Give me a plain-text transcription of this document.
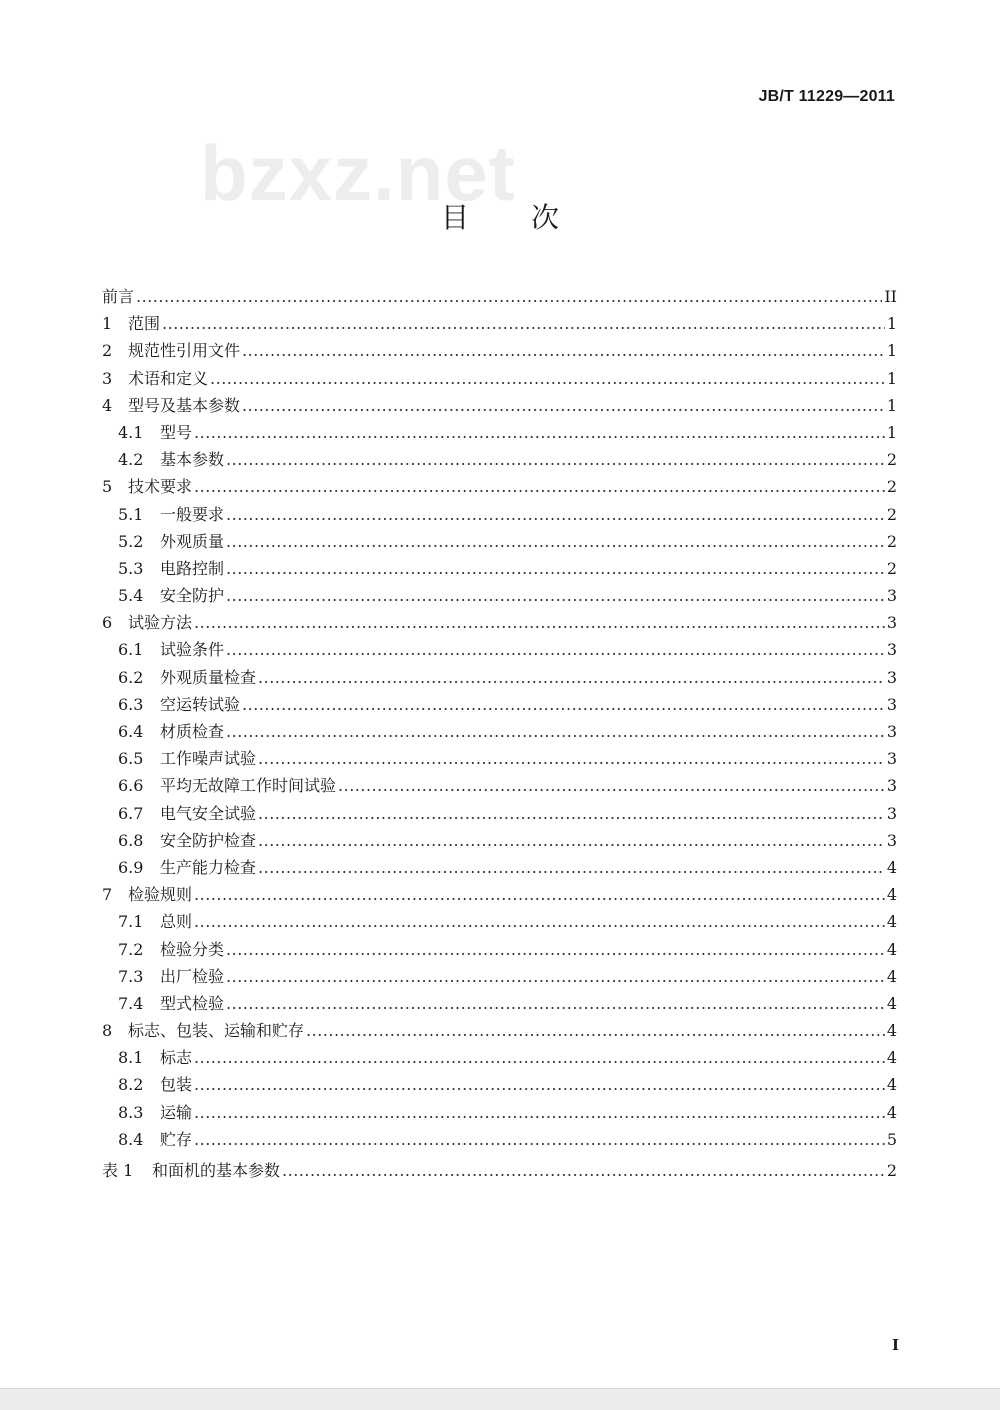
bzxz.net
JB/T 11229—2011
目次
前言 .....	II
1 范围 .....	1
2 规范性引用文件 .....	1
3 术语和定义 .....	1
4 型号及基本参数 .....	1
4.1	型号 .....	1
4.2	基本参数 .....	2
5 技术要求 .....	2
5.1	一般要求 .....	2
5.2	外观质量 .....	2
5.3	电路控制 .....	2
5.4	安全防护 .....	3
6 试验方法 .....	3
6.1	试验条件 .....	3
6.2	外观质量检查 .....	3
6.3	空运转试验 .....	3
6.4	材质检查 .....	3
6.5	工作噪声试验 .....	3
6.6	平均无故障工作时间试验 .....	3
6.7	电气安全试验 .....	3
6.8	安全防护检查 .....	3
6.9	生产能力检查 .....	4
7 检验规则 .....	4
7.1	总则 .....	4
7.2	检验分类 .....	4
7.3	出厂检验 .....	4
7.4	型式检验 .....	4
8 标志、包装、运输和贮存 .....	4
8.1	标志 .....	4
8.2	包装 .....	4
8.3	运输 .....	4
8.4	贮存 .....	5
表 1	和面机的基本参数 .....	2
I
